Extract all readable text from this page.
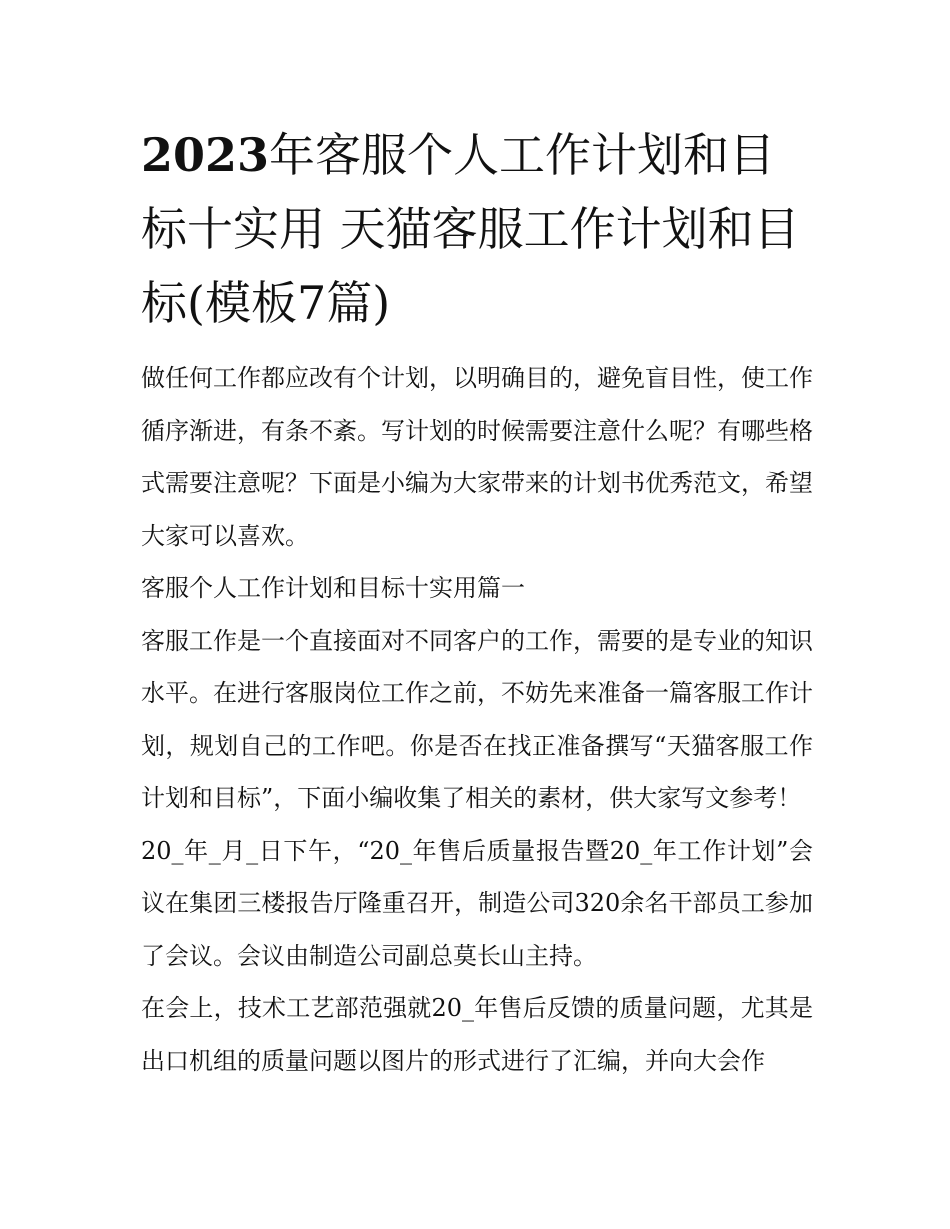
2023年客服个人工作计划和目标十实用 天猫客服工作计划和目标(模板7篇)

做任何工作都应改有个计划，以明确目的，避免盲目性，使工作循序渐进，有条不紊。写计划的时候需要注意什么呢？有哪些格式需要注意呢？下面是小编为大家带来的计划书优秀范文，希望大家可以喜欢。

客服个人工作计划和目标十实用篇一

客服工作是一个直接面对不同客户的工作，需要的是专业的知识水平。在进行客服岗位工作之前，不妨先来准备一篇客服工作计划，规划自己的工作吧。你是否在找正准备撰写“天猫客服工作计划和目标”，下面小编收集了相关的素材，供大家写文参考！

20_年_月_日下午，“20_年售后质量报告暨20_年工作计划”会议在集团三楼报告厅隆重召开，制造公司320余名干部员工参加了会议。会议由制造公司副总莫长山主持。

在会上，技术工艺部范强就20_年售后反馈的质量问题，尤其是出口机组的质量问题以图片的形式进行了汇编，并向大会作
